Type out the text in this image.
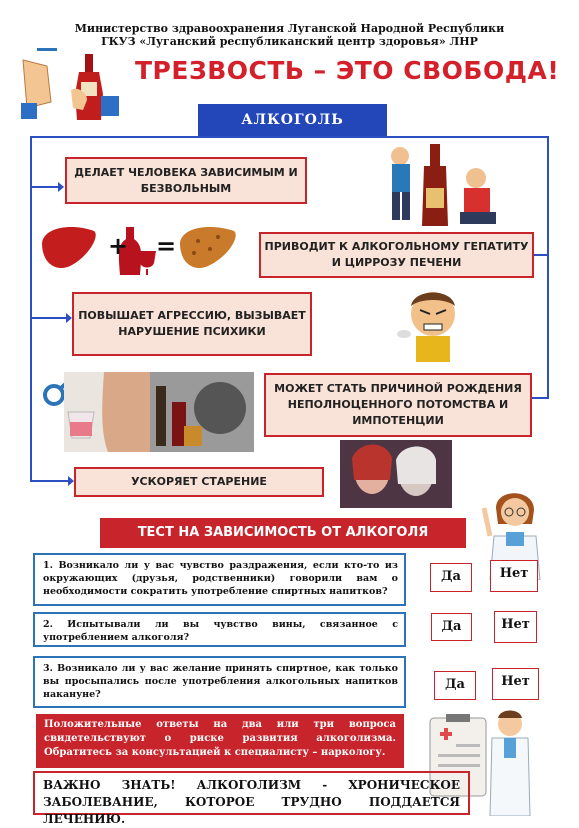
Министерство здравоохранения Луганской Народной Республики
ГКУЗ «Луганский республиканский центр здоровья» ЛНР
ТРЕЗВОСТЬ – ЭТО СВОБОДА!
АЛКОГОЛЬ
ДЕЛАЕТ ЧЕЛОВЕКА ЗАВИСИМЫМ И БЕЗВОЛЬНЫМ
ПРИВОДИТ К АЛКОГОЛЬНОМУ ГЕПАТИТУ И ЦИРРОЗУ ПЕЧЕНИ
ПОВЫШАЕТ АГРЕССИЮ, ВЫЗЫВАЕТ НАРУШЕНИЕ ПСИХИКИ
МОЖЕТ СТАТЬ ПРИЧИНОЙ РОЖДЕНИЯ НЕПОЛНОЦЕННОГО ПОТОМСТВА И ИМПОТЕНЦИИ
УСКОРЯЕТ СТАРЕНИЕ
+ =
ТЕСТ НА ЗАВИСИМОСТЬ ОТ АЛКОГОЛЯ
1. Возникало ли у вас чувство раздражения, если кто-то из окружающих (друзья, родственники) говорили вам о необходимости сократить употребление спиртных напитков?
2. Испытывали ли вы чувство вины, связанное с употреблением алкоголя?
3. Возникало ли у вас желание принять спиртное, как только вы просыпались после употребления алкогольных напитков накануне?
Да	Нет
Да	Нет
Да	Нет
Положительные ответы на два или три вопроса свидетельствуют о риске развития алкоголизма. Обратитесь за консультацией к специалисту – наркологу.
ВАЖНО ЗНАТЬ! АЛКОГОЛИЗМ - ХРОНИЧЕСКОЕ ЗАБОЛЕВАНИЕ, КОТОРОЕ ТРУДНО ПОДДАЕТСЯ ЛЕЧЕНИЮ.
